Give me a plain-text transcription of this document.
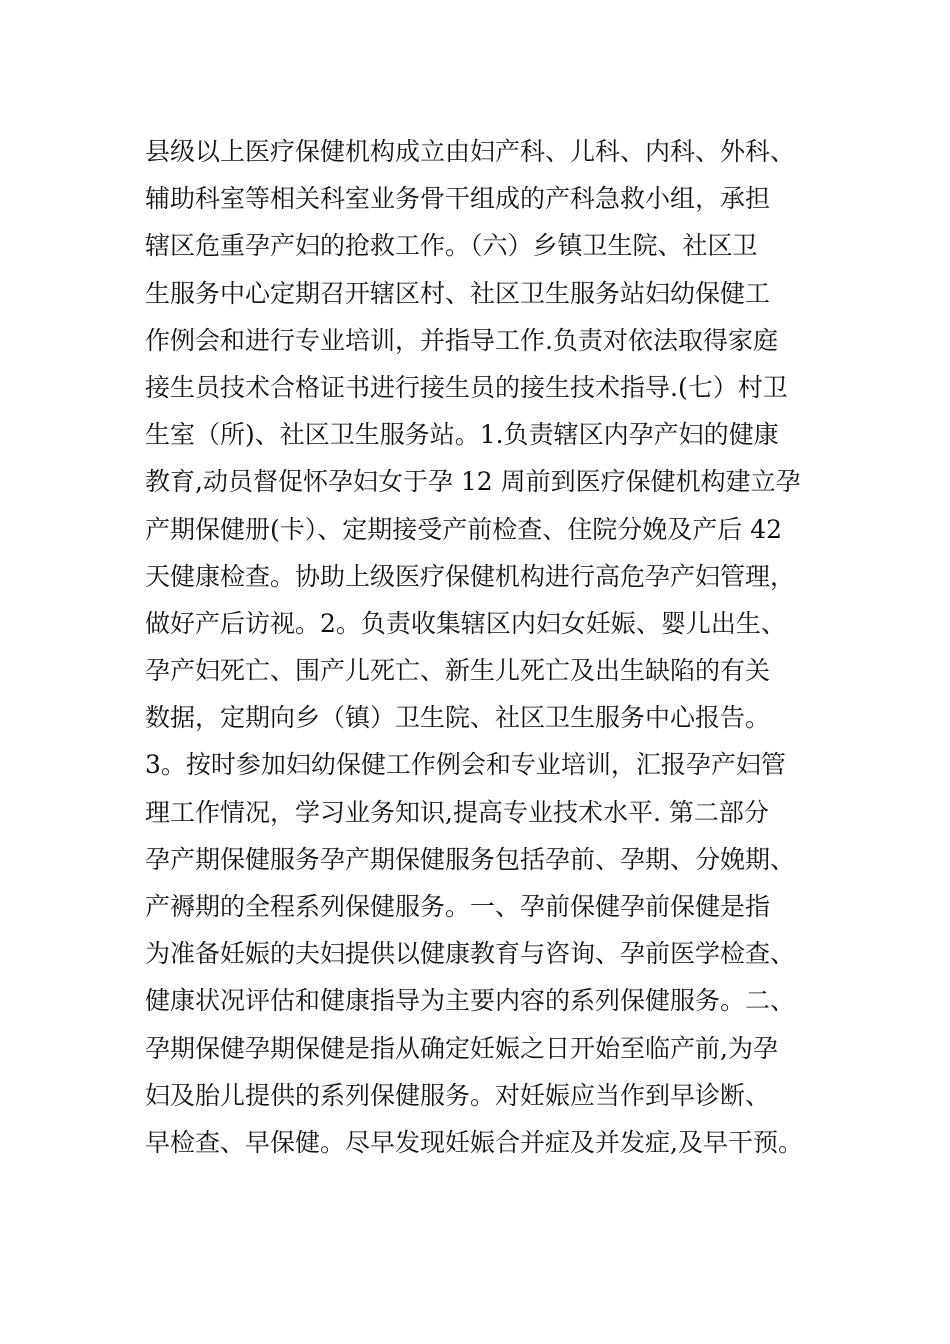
县级以上医疗保健机构成立由妇产科、儿科、内科、外科、
辅助科室等相关科室业务骨干组成的产科急救小组，承担
辖区危重孕产妇的抢救工作。（六）乡镇卫生院、社区卫
生服务中心定期召开辖区村、社区卫生服务站妇幼保健工
作例会和进行专业培训，并指导工作.负责对依法取得家庭
接生员技术合格证书进行接生员的接生技术指导.(七）村卫
生室（所)、社区卫生服务站。1.负责辖区内孕产妇的健康
教育,动员督促怀孕妇女于孕 12 周前到医疗保健机构建立孕
产期保健册(卡）、定期接受产前检查、住院分娩及产后 42
天健康检查。协助上级医疗保健机构进行高危孕产妇管理，
做好产后访视。2。负责收集辖区内妇女妊娠、婴儿出生、
孕产妇死亡、围产儿死亡、新生儿死亡及出生缺陷的有关
数据，定期向乡（镇）卫生院、社区卫生服务中心报告。
3。按时参加妇幼保健工作例会和专业培训，汇报孕产妇管
理工作情况，学习业务知识,提高专业技术水平. 第二部分
孕产期保健服务孕产期保健服务包括孕前、孕期、分娩期、
产褥期的全程系列保健服务。一、孕前保健孕前保健是指
为准备妊娠的夫妇提供以健康教育与咨询、孕前医学检查、
健康状况评估和健康指导为主要内容的系列保健服务。二、
孕期保健孕期保健是指从确定妊娠之日开始至临产前,为孕
妇及胎儿提供的系列保健服务。对妊娠应当作到早诊断、
早检查、早保健。尽早发现妊娠合并症及并发症,及早干预。
